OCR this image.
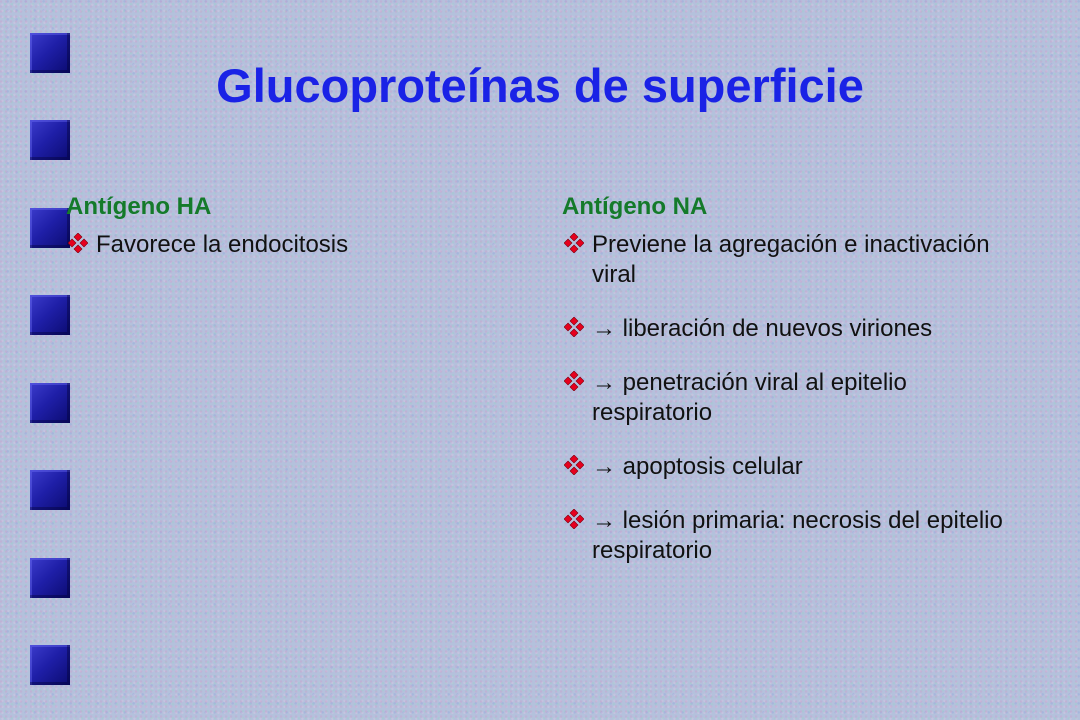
Glucoproteínas de superficie
Antígeno HA
Favorece la endocitosis
Antígeno NA
Previene la agregación e inactivación viral
→ liberación de nuevos viriones
→ penetración viral al epitelio respiratorio
→ apoptosis celular
→ lesión primaria: necrosis del epitelio respiratorio
